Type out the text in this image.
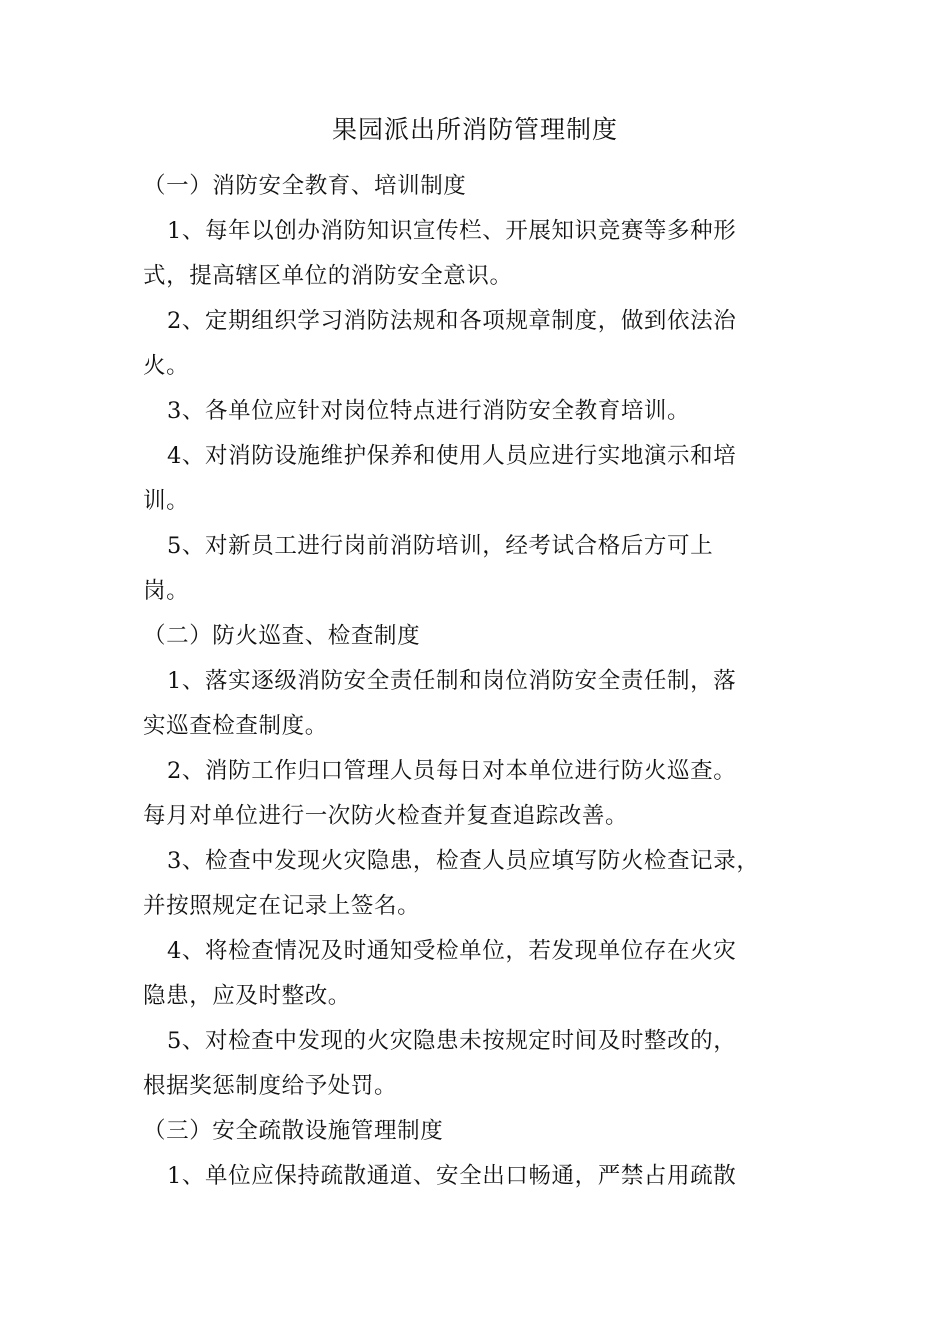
果园派出所消防管理制度
（一）消防安全教育、培训制度
1、每年以创办消防知识宣传栏、开展知识竞赛等多种形
式，提高辖区单位的消防安全意识。
2、定期组织学习消防法规和各项规章制度，做到依法治
火。
3、各单位应针对岗位特点进行消防安全教育培训。
4、对消防设施维护保养和使用人员应进行实地演示和培
训。
5、对新员工进行岗前消防培训，经考试合格后方可上
岗。
（二）防火巡查、检查制度
1、落实逐级消防安全责任制和岗位消防安全责任制，落
实巡查检查制度。
2、消防工作归口管理人员每日对本单位进行防火巡查。
每月对单位进行一次防火检查并复查追踪改善。
3、检查中发现火灾隐患，检查人员应填写防火检查记录，
并按照规定在记录上签名。
4、将检查情况及时通知受检单位，若发现单位存在火灾
隐患，应及时整改。
5、对检查中发现的火灾隐患未按规定时间及时整改的，
根据奖惩制度给予处罚。
（三）安全疏散设施管理制度
1、单位应保持疏散通道、安全出口畅通，严禁占用疏散
